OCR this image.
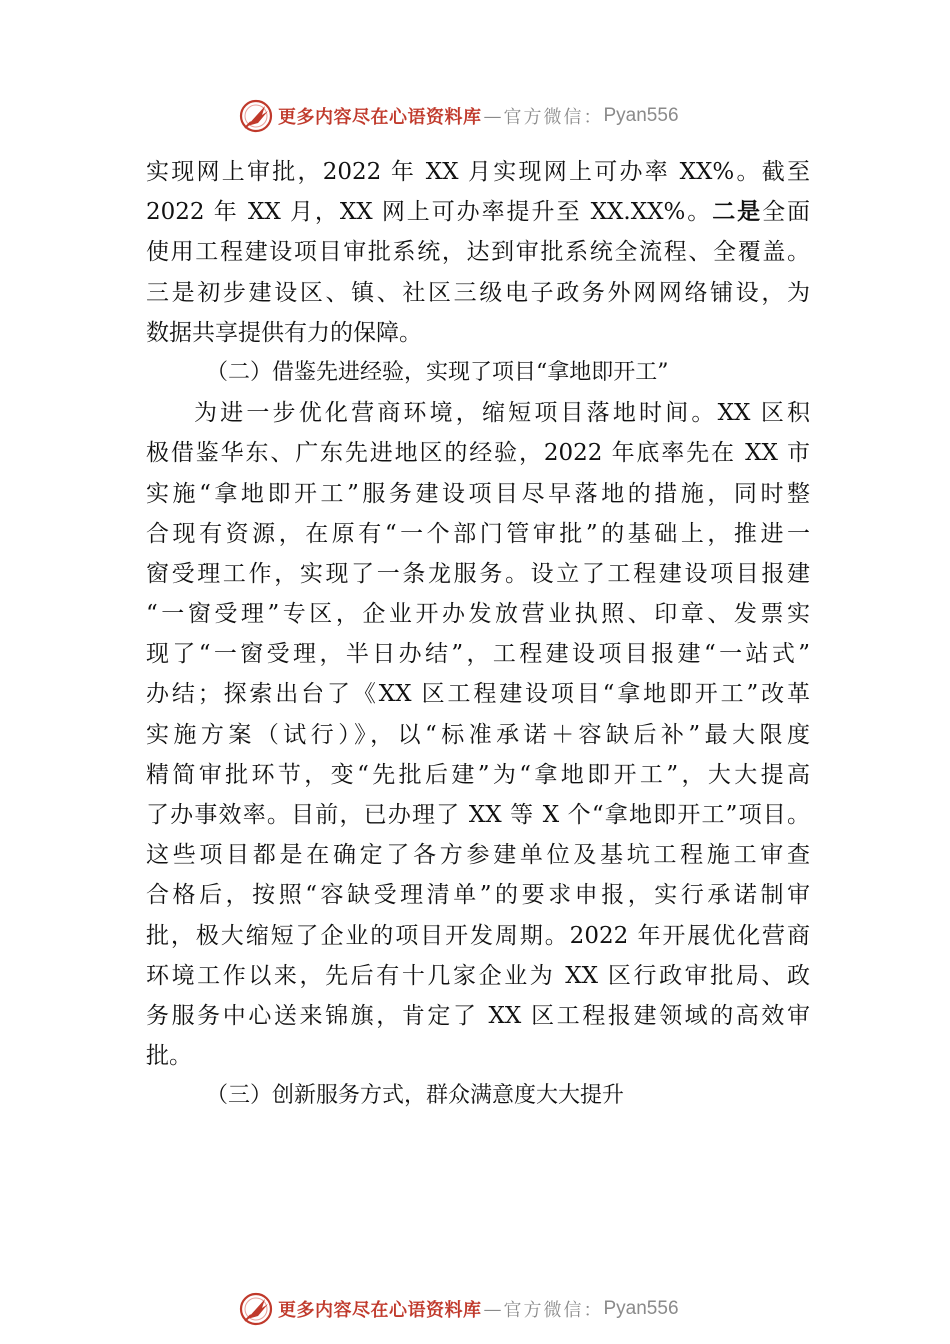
更多内容尽在心语资料库 — 官方微信： Pyan556
实现网上审批，2022 年 XX 月实现网上可办率 XX%。截至
2022 年 XX 月，XX 网上可办率提升至 XX.XX%。二是全面
使用工程建设项目审批系统，达到审批系统全流程、全覆盖。
三是初步建设区、镇、社区三级电子政务外网网络铺设，为
数据共享提供有力的保障。
（二）借鉴先进经验，实现了项目“拿地即开工”
为进一步优化营商环境，缩短项目落地时间。XX 区积
极借鉴华东、广东先进地区的经验，2022 年底率先在 XX 市
实施“拿地即开工”服务建设项目尽早落地的措施，同时整
合现有资源，在原有“一个部门管审批”的基础上，推进一
窗受理工作，实现了一条龙服务。设立了工程建设项目报建
“一窗受理”专区，企业开办发放营业执照、印章、发票实
现了“一窗受理，半日办结”，工程建设项目报建“一站式”
办结；探索出台了《XX 区工程建设项目“拿地即开工”改革
实施方案（试行）》，以“标准承诺＋容缺后补”最大限度
精简审批环节，变“先批后建”为“拿地即开工”，大大提高
了办事效率。目前，已办理了 XX 等 X 个“拿地即开工”项目。
这些项目都是在确定了各方参建单位及基坑工程施工审查
合格后，按照“容缺受理清单”的要求申报，实行承诺制审
批，极大缩短了企业的项目开发周期。2022 年开展优化营商
环境工作以来，先后有十几家企业为 XX 区行政审批局、政
务服务中心送来锦旗，肯定了 XX 区工程报建领域的高效审
批。
（三）创新服务方式，群众满意度大大提升
更多内容尽在心语资料库 — 官方微信： Pyan556
